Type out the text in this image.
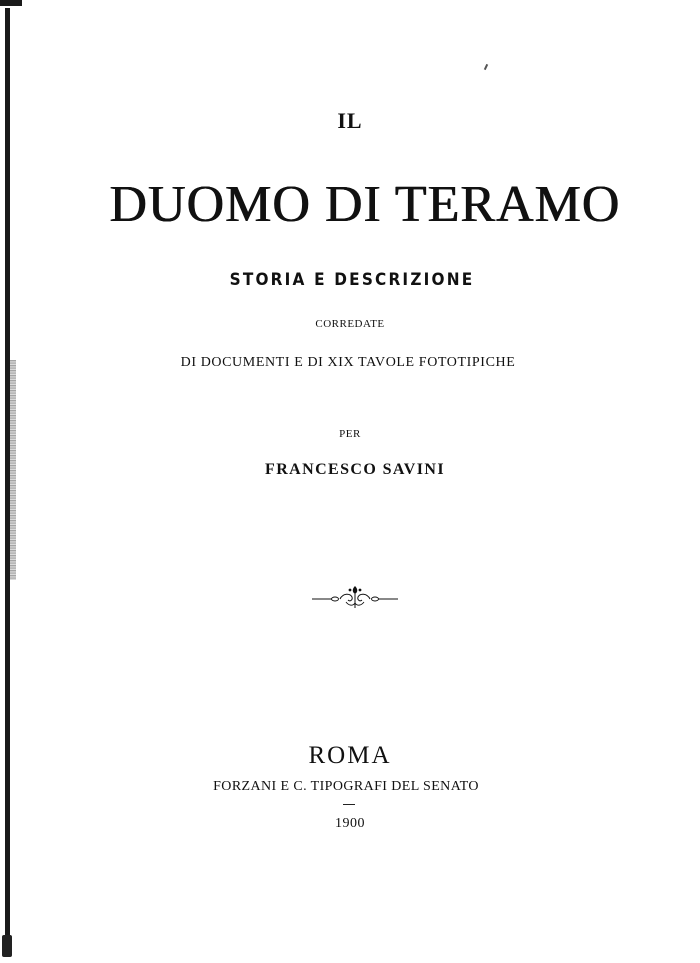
IL
DUOMO DI TERAMO
STORIA E DESCRIZIONE
CORREDATE
DI DOCUMENTI E DI XIX TAVOLE FOTOTIPICHE
PER
FRANCESCO SAVINI
ROMA
FORZANI E C. TIPOGRAFI DEL SENATO
1900
